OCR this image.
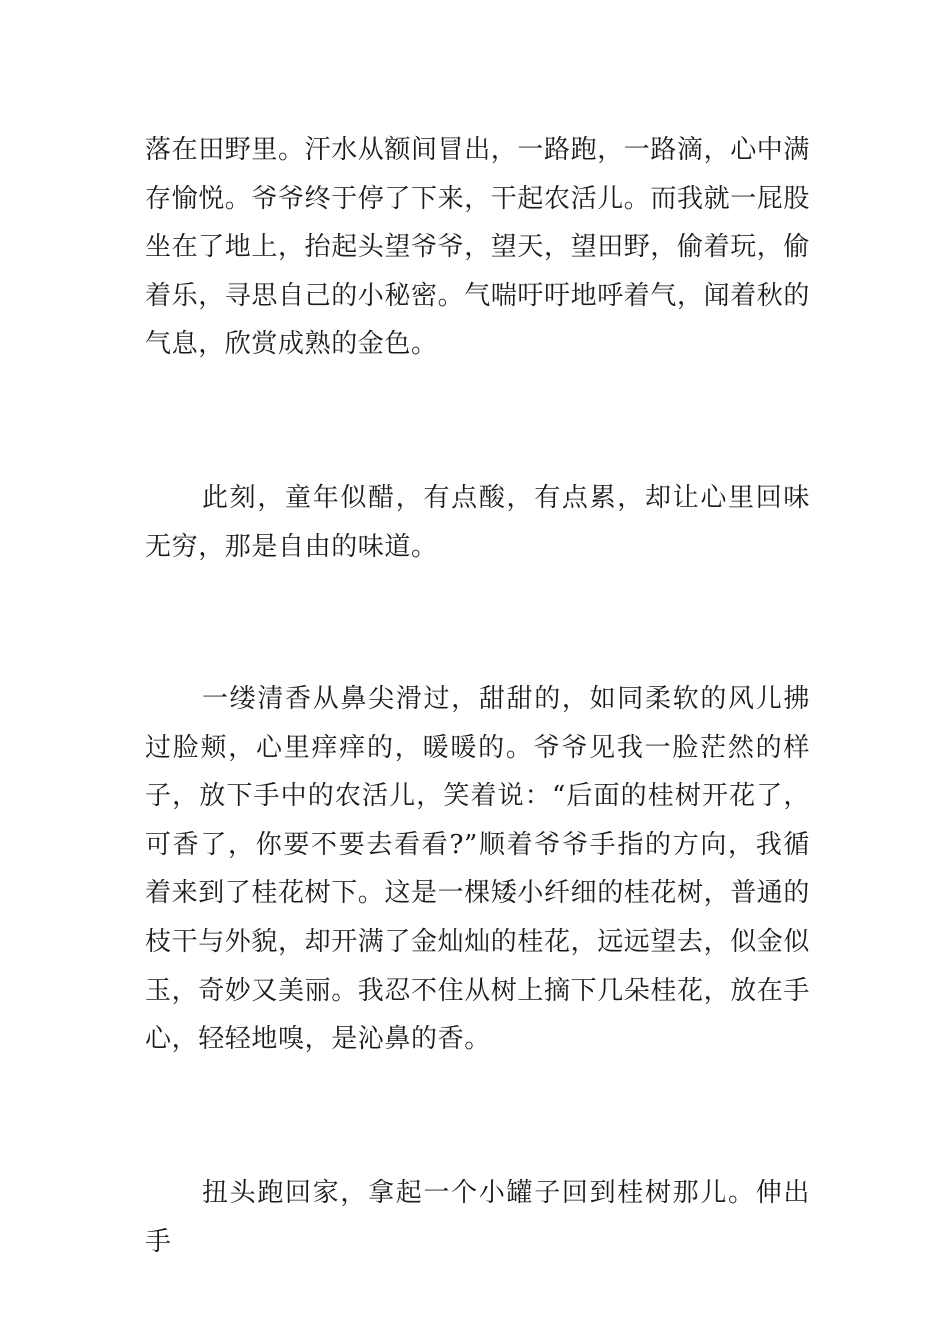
落在田野里。汗水从额间冒出，一路跑，一路滴，心中满存愉悦。爷爷终于停了下来，干起农活儿。而我就一屁股坐在了地上，抬起头望爷爷，望天，望田野，偷着玩，偷着乐，寻思自己的小秘密。气喘吁吁地呼着气，闻着秋的气息，欣赏成熟的金色。

此刻，童年似醋，有点酸，有点累，却让心里回味无穷，那是自由的味道。

一缕清香从鼻尖滑过，甜甜的，如同柔软的风儿拂过脸颊，心里痒痒的，暖暖的。爷爷见我一脸茫然的样子，放下手中的农活儿，笑着说：“后面的桂树开花了，可香了，你要不要去看看?”顺着爷爷手指的方向，我循着来到了桂花树下。这是一棵矮小纤细的桂花树，普通的枝干与外貌，却开满了金灿灿的桂花，远远望去，似金似玉，奇妙又美丽。我忍不住从树上摘下几朵桂花，放在手心，轻轻地嗅，是沁鼻的香。

扭头跑回家，拿起一个小罐子回到桂树那儿。伸出手
